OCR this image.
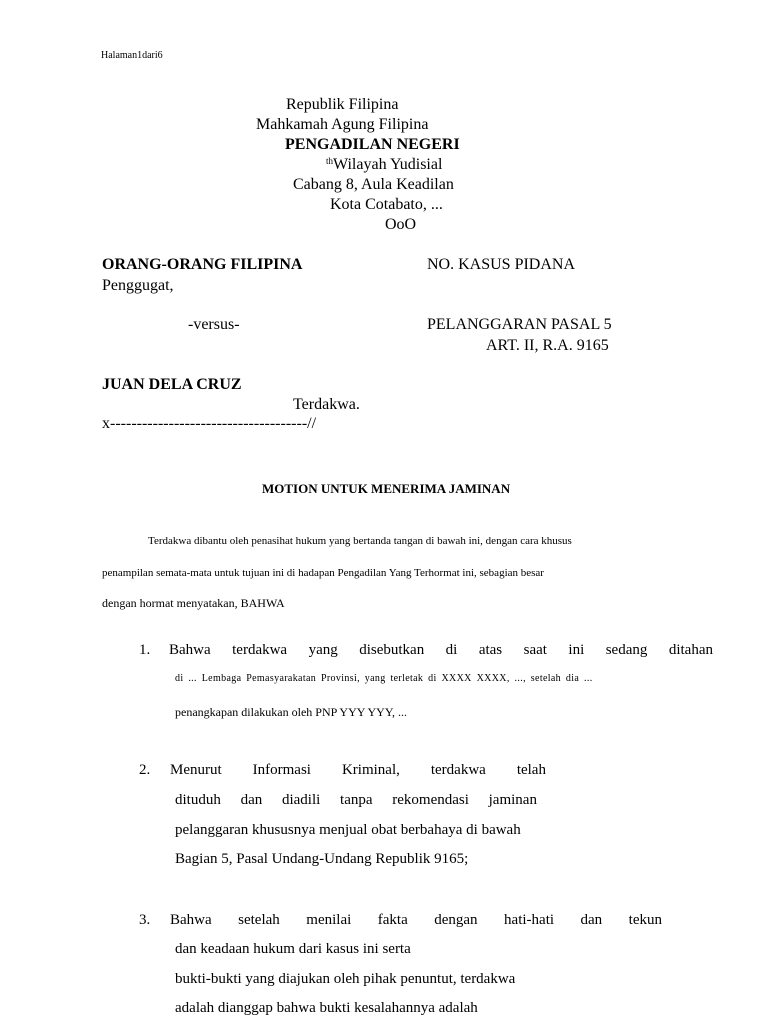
Halaman1dari6
Republik Filipina
Mahkamah Agung Filipina
PENGADILAN NEGERI
$^{th}$Wilayah Yudisial
Cabang 8, Aula Keadilan
Kota Cotabato, ...
OoO
ORANG-ORANG FILIPINA	NO. KASUS PIDANA
Penggugat,
-versus-	PELANGGARAN PASAL 5
ART. II, R.A. 9165
JUAN DELA CRUZ
Terdakwa.
x-------------------------------------//
MOTION UNTUK MENERIMA JAMINAN
Terdakwa dibantu oleh penasihat hukum yang bertanda tangan di bawah ini, dengan cara khusus
penampilan semata-mata untuk tujuan ini di hadapan Pengadilan Yang Terhormat ini, sebagian besar
dengan hormat menyatakan, BAHWA
1. Bahwa terdakwa yang disebutkan di atas saat ini sedang ditahan
di ... Lembaga Pemasyarakatan Provinsi, yang terletak di XXXX XXXX, ..., setelah dia ...
penangkapan dilakukan oleh PNP YYY YYY, ...
2. Menurut Informasi Kriminal, terdakwa telah
dituduh dan diadili tanpa rekomendasi jaminan
pelanggaran khususnya menjual obat berbahaya di bawah
Bagian 5, Pasal Undang-Undang Republik 9165;
3. Bahwa setelah menilai fakta dengan hati-hati dan tekun
dan keadaan hukum dari kasus ini serta
bukti-bukti yang diajukan oleh pihak penuntut, terdakwa
adalah dianggap bahwa bukti kesalahannya adalah
